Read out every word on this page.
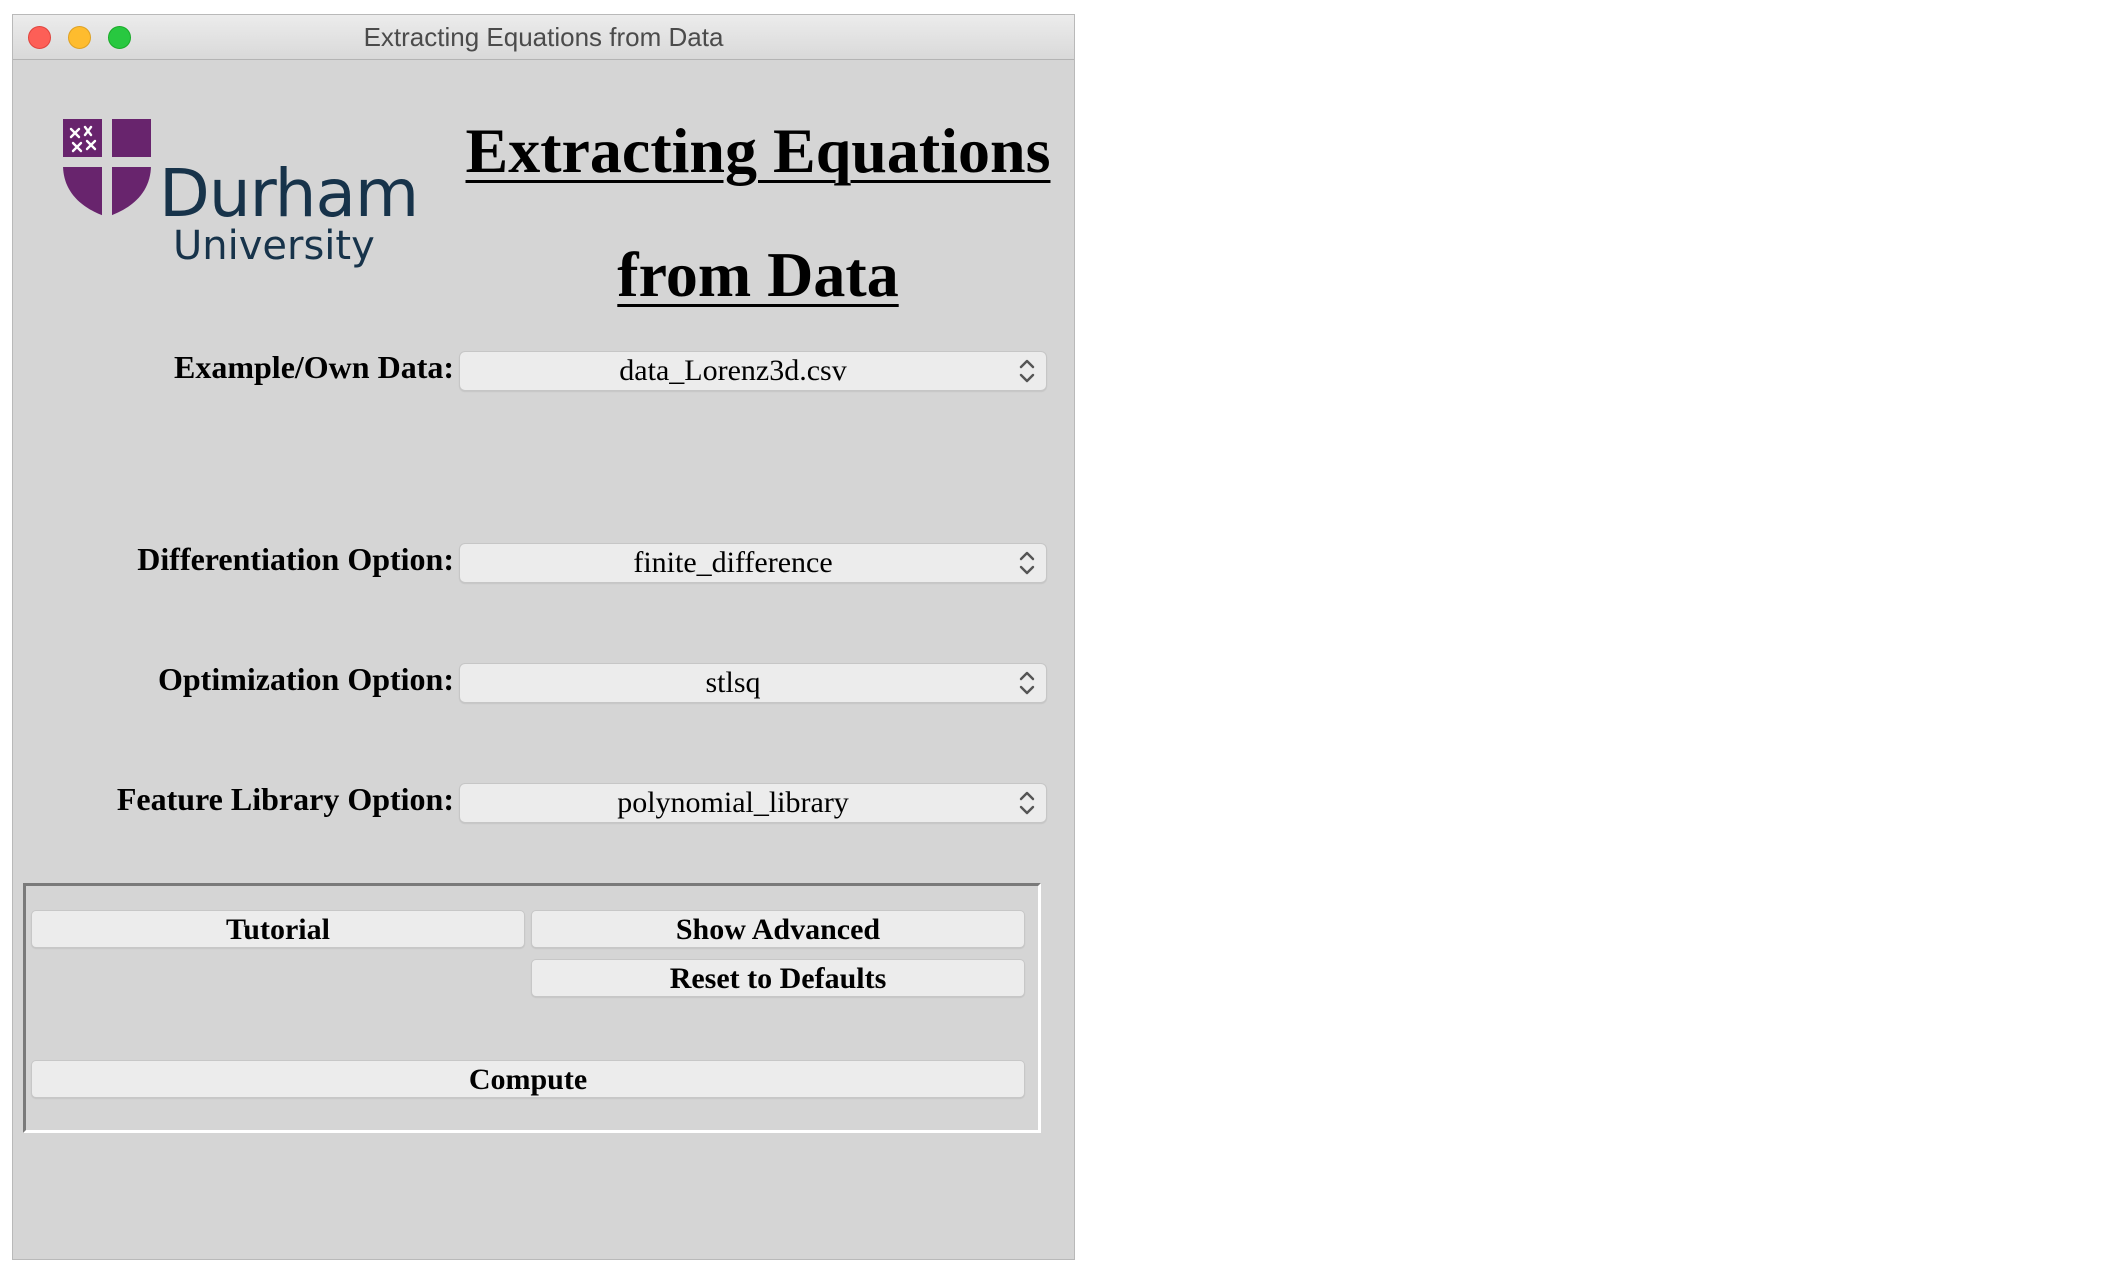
Extracting Equations from Data
Durham
University
Extracting Equations
from Data
Example/Own Data:	data_Lorenz3d.csv
Differentiation Option:	finite_difference
Optimization Option:	stlsq
Feature Library Option:	polynomial_library
Tutorial	Show Advanced
Reset to Defaults
Compute
